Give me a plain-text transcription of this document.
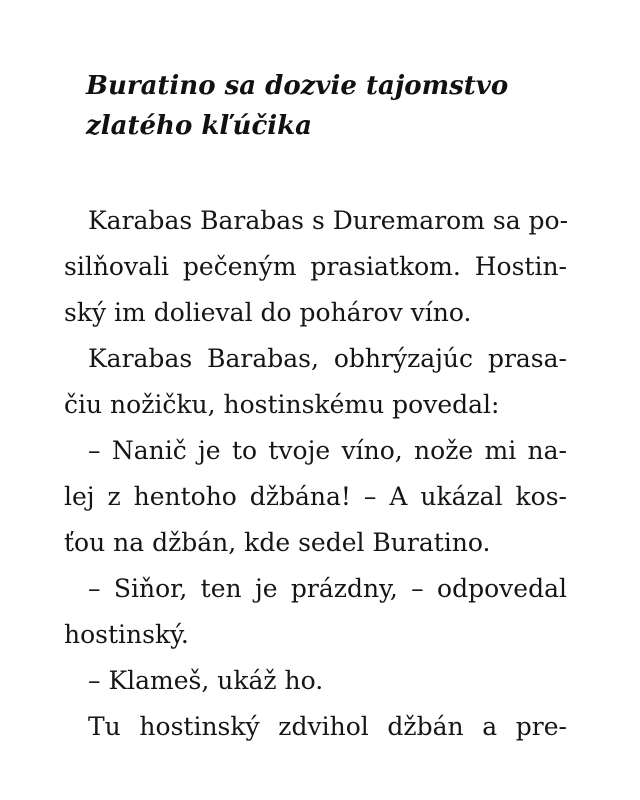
Buratino sa dozvie tajomstvo
zlatého kľúčika
Karabas Barabas s Duremarom sa po-
silňovali pečeným prasiatkom. Hostin-
ský im dolieval do pohárov víno.
Karabas Barabas, obhrýzajúc prasa-
čiu nožičku, hostinskému povedal:
– Nanič je to tvoje víno, nože mi na-
lej z hentoho džbána! – A ukázal kos-
ťou na džbán, kde sedel Buratino.
– Siňor, ten je prázdny, – odpovedal
hostinský.
– Klameš, ukáž ho.
Tu hostinský zdvihol džbán a pre-
